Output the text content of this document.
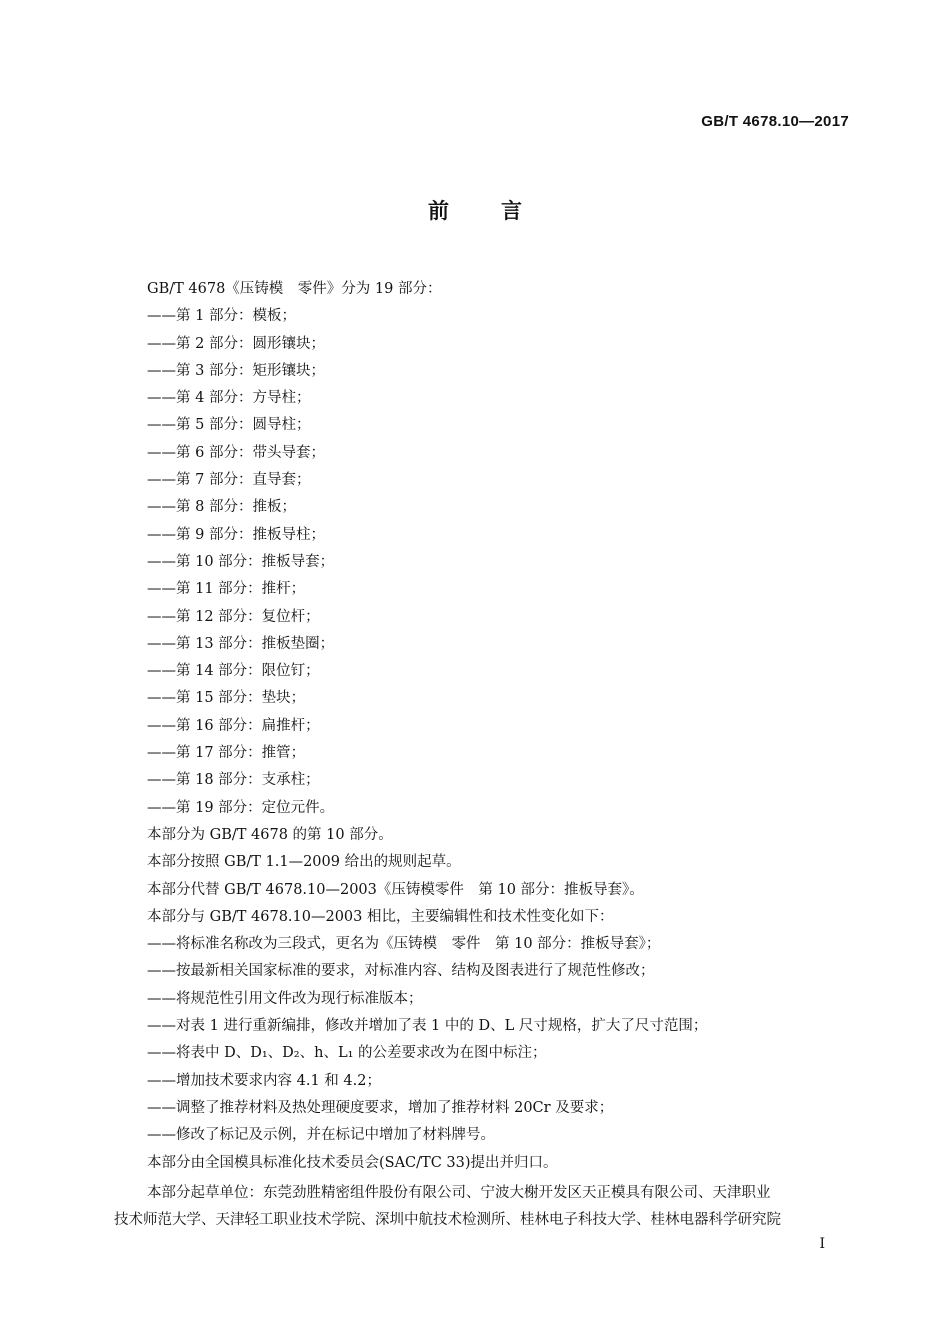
GB/T 4678.10—2017
前言
GB/T 4678《压铸模　零件》分为 19 部分：
——第 1 部分：模板；
——第 2 部分：圆形镶块；
——第 3 部分：矩形镶块；
——第 4 部分：方导柱；
——第 5 部分：圆导柱；
——第 6 部分：带头导套；
——第 7 部分：直导套；
——第 8 部分：推板；
——第 9 部分：推板导柱；
——第 10 部分：推板导套；
——第 11 部分：推杆；
——第 12 部分：复位杆；
——第 13 部分：推板垫圈；
——第 14 部分：限位钉；
——第 15 部分：垫块；
——第 16 部分：扁推杆；
——第 17 部分：推管；
——第 18 部分：支承柱；
——第 19 部分：定位元件。
本部分为 GB/T 4678 的第 10 部分。
本部分按照 GB/T 1.1—2009 给出的规则起草。
本部分代替 GB/T 4678.10—2003《压铸模零件　第 10 部分：推板导套》。
本部分与 GB/T 4678.10—2003 相比，主要编辑性和技术性变化如下：
——将标准名称改为三段式，更名为《压铸模　零件　第 10 部分：推板导套》；
——按最新相关国家标准的要求，对标准内容、结构及图表进行了规范性修改；
——将规范性引用文件改为现行标准版本；
——对表 1 进行重新编排，修改并增加了表 1 中的 D、L 尺寸规格，扩大了尺寸范围；
——将表中 D、D₁、D₂、h、L₁ 的公差要求改为在图中标注；
——增加技术要求内容 4.1 和 4.2；
——调整了推荐材料及热处理硬度要求，增加了推荐材料 20Cr 及要求；
——修改了标记及示例，并在标记中增加了材料牌号。
本部分由全国模具标准化技术委员会(SAC/TC 33)提出并归口。
本部分起草单位：东莞劲胜精密组件股份有限公司、宁波大榭开发区天正模具有限公司、天津职业
技术师范大学、天津轻工职业技术学院、深圳中航技术检测所、桂林电子科技大学、桂林电器科学研究院
I
